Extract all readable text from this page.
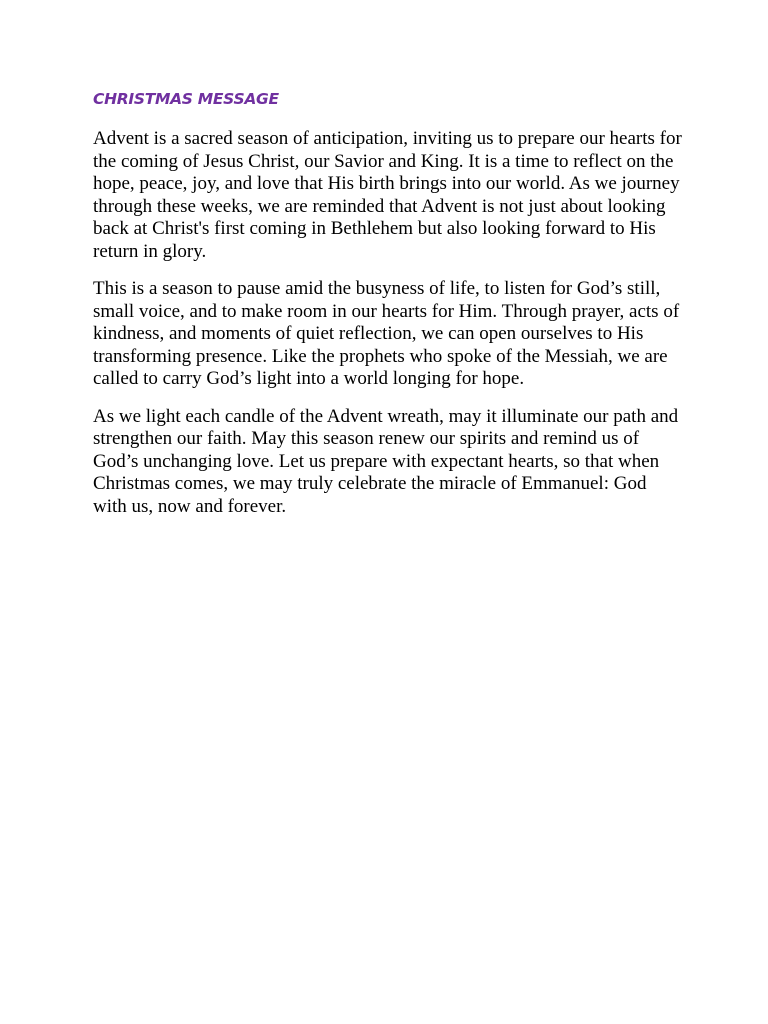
CHRISTMAS MESSAGE

Advent is a sacred season of anticipation, inviting us to prepare our hearts for the coming of Jesus Christ, our Savior and King. It is a time to reflect on the hope, peace, joy, and love that His birth brings into our world. As we journey through these weeks, we are reminded that Advent is not just about looking back at Christ's first coming in Bethlehem but also looking forward to His return in glory.

This is a season to pause amid the busyness of life, to listen for God’s still, small voice, and to make room in our hearts for Him. Through prayer, acts of kindness, and moments of quiet reflection, we can open ourselves to His transforming presence. Like the prophets who spoke of the Messiah, we are called to carry God’s light into a world longing for hope.

As we light each candle of the Advent wreath, may it illuminate our path and strengthen our faith. May this season renew our spirits and remind us of God’s unchanging love. Let us prepare with expectant hearts, so that when Christmas comes, we may truly celebrate the miracle of Emmanuel: God with us, now and forever.
